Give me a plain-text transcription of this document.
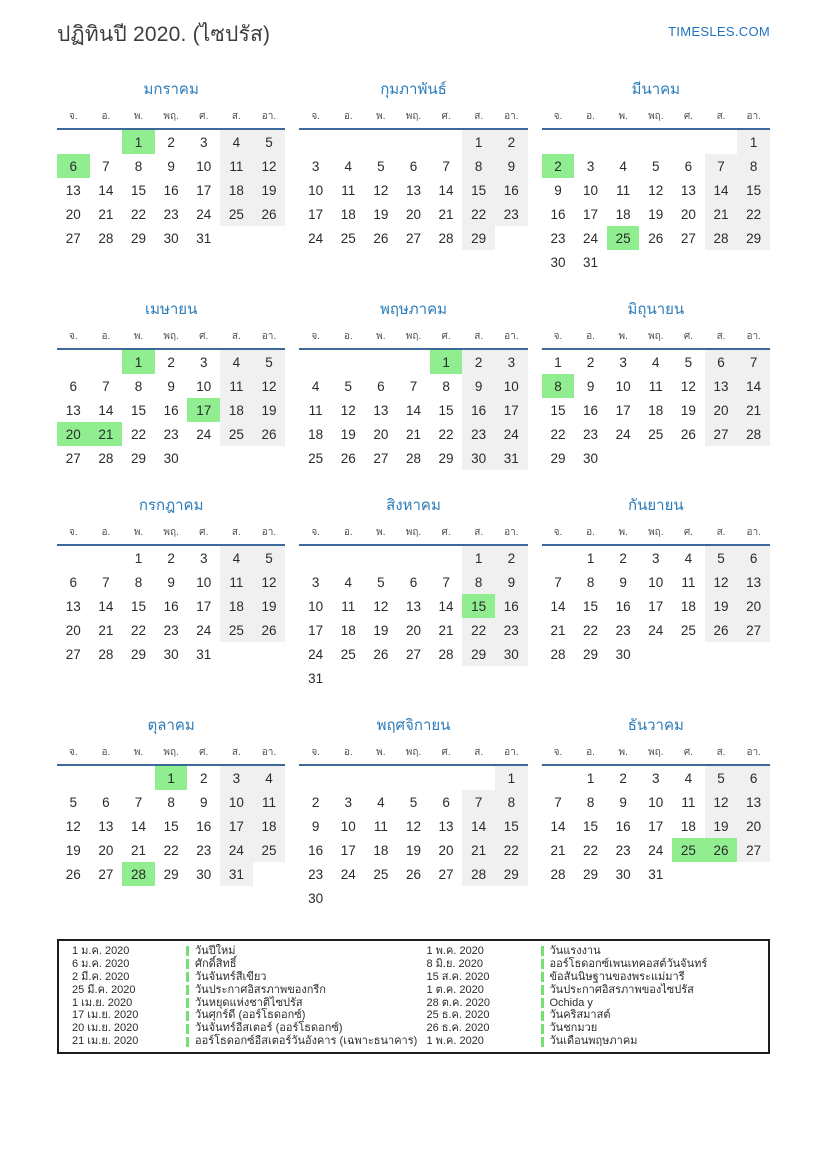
ปฏิทินปี 2020. (ไซปรัส)	TIMESLES.COM
มกราคม
จ.	อ.	พ.	พฤ.	ศ.	ส.	อา.
		1	2	3	4	5
6	7	8	9	10	11	12
13	14	15	16	17	18	19
20	21	22	23	24	25	26
27	28	29	30	31		
กุมภาพันธ์
จ.	อ.	พ.	พฤ.	ศ.	ส.	อา.
					1	2
3	4	5	6	7	8	9
10	11	12	13	14	15	16
17	18	19	20	21	22	23
24	25	26	27	28	29	
มีนาคม
จ.	อ.	พ.	พฤ.	ศ.	ส.	อา.
						1
2	3	4	5	6	7	8
9	10	11	12	13	14	15
16	17	18	19	20	21	22
23	24	25	26	27	28	29
30	31					
เมษายน
จ.	อ.	พ.	พฤ.	ศ.	ส.	อา.
		1	2	3	4	5
6	7	8	9	10	11	12
13	14	15	16	17	18	19
20	21	22	23	24	25	26
27	28	29	30			
พฤษภาคม
จ.	อ.	พ.	พฤ.	ศ.	ส.	อา.
				1	2	3
4	5	6	7	8	9	10
11	12	13	14	15	16	17
18	19	20	21	22	23	24
25	26	27	28	29	30	31
มิถุนายน
จ.	อ.	พ.	พฤ.	ศ.	ส.	อา.
1	2	3	4	5	6	7
8	9	10	11	12	13	14
15	16	17	18	19	20	21
22	23	24	25	26	27	28
29	30					
กรกฎาคม
จ.	อ.	พ.	พฤ.	ศ.	ส.	อา.
		1	2	3	4	5
6	7	8	9	10	11	12
13	14	15	16	17	18	19
20	21	22	23	24	25	26
27	28	29	30	31		
สิงหาคม
จ.	อ.	พ.	พฤ.	ศ.	ส.	อา.
					1	2
3	4	5	6	7	8	9
10	11	12	13	14	15	16
17	18	19	20	21	22	23
24	25	26	27	28	29	30
31						
กันยายน
จ.	อ.	พ.	พฤ.	ศ.	ส.	อา.
	1	2	3	4	5	6
7	8	9	10	11	12	13
14	15	16	17	18	19	20
21	22	23	24	25	26	27
28	29	30				
ตุลาคม
จ.	อ.	พ.	พฤ.	ศ.	ส.	อา.
			1	2	3	4
5	6	7	8	9	10	11
12	13	14	15	16	17	18
19	20	21	22	23	24	25
26	27	28	29	30	31	
พฤศจิกายน
จ.	อ.	พ.	พฤ.	ศ.	ส.	อา.
						1
2	3	4	5	6	7	8
9	10	11	12	13	14	15
16	17	18	19	20	21	22
23	24	25	26	27	28	29
30						
ธันวาคม
จ.	อ.	พ.	พฤ.	ศ.	ส.	อา.
	1	2	3	4	5	6
7	8	9	10	11	12	13
14	15	16	17	18	19	20
21	22	23	24	25	26	27
28	29	30	31			
1 ม.ค. 2020	วันปีใหม่
6 ม.ค. 2020	ศักดิ์สิทธิ์
2 มี.ค. 2020	วันจันทร์สีเขียว
25 มี.ค. 2020	วันประกาศอิสรภาพของกรีก
1 เม.ย. 2020	วันหยุดแห่งชาติไซปรัส
17 เม.ย. 2020	วันศุกร์ดี (ออร์โธดอกซ์)
20 เม.ย. 2020	วันจันทร์อีสเตอร์ (ออร์โธดอกซ์)
21 เม.ย. 2020	ออร์โธดอกซ์อีสเตอร์วันอังคาร (เฉพาะธนาคาร)
1 พ.ค. 2020	วันแรงงาน
8 มิ.ย. 2020	ออร์โธดอกซ์เพนเทคอสต์วันจันทร์
15 ส.ค. 2020	ข้อสันนิษฐานของพระแม่มารี
1 ต.ค. 2020	วันประกาศอิสรภาพของไซปรัส
28 ต.ค. 2020	Ochida y
25 ธ.ค. 2020	วันคริสมาสต์
26 ธ.ค. 2020	วันชกมวย
1 พ.ค. 2020	วันเดือนพฤษภาคม
